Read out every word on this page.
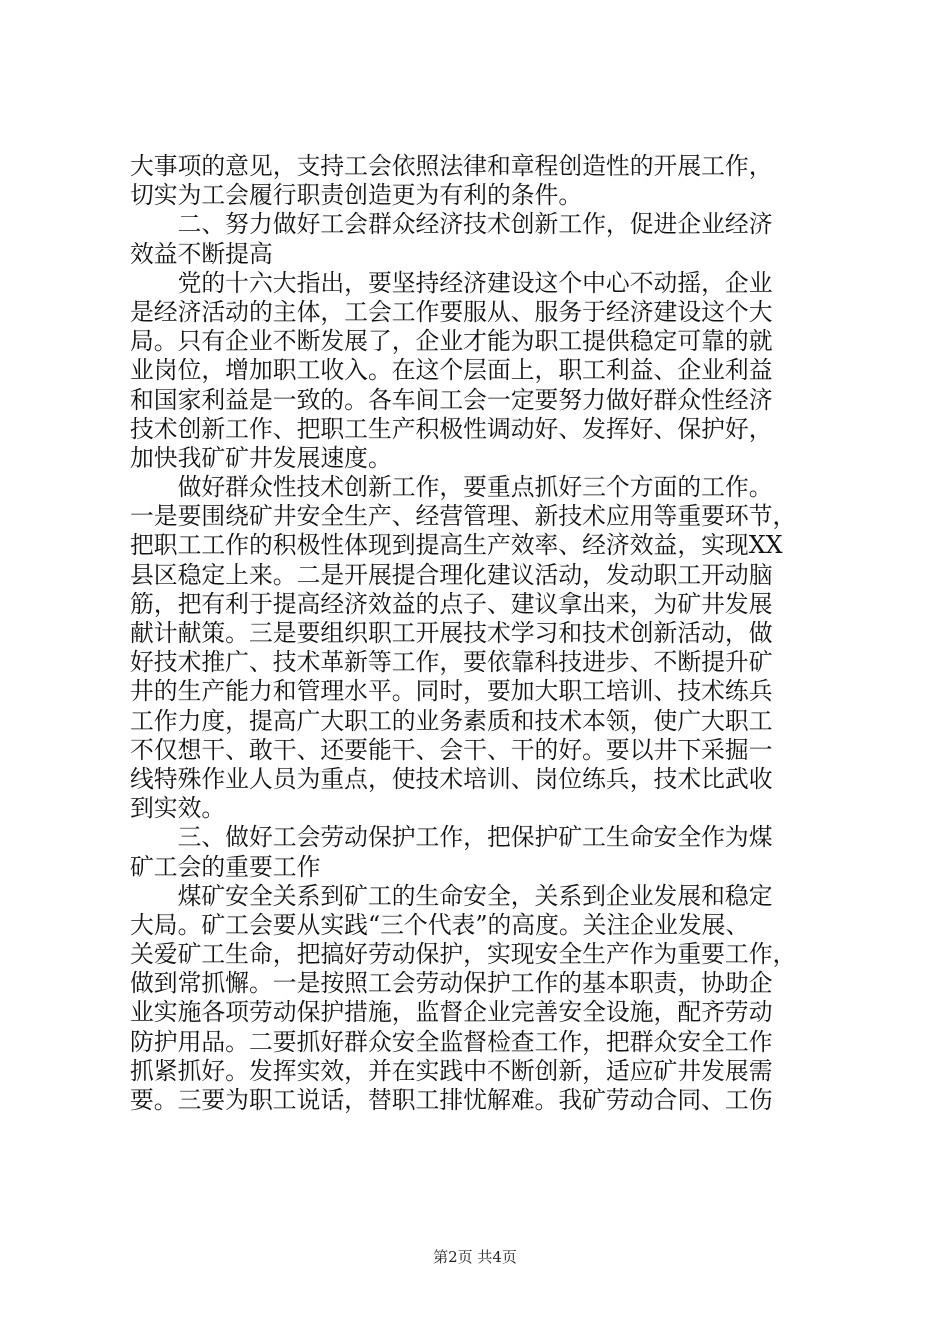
大事项的意见，支持工会依照法律和章程创造性的开展工作，
切实为工会履行职责创造更为有利的条件。
　　二、努力做好工会群众经济技术创新工作，促进企业经济
效益不断提高
　　党的十六大指出，要坚持经济建设这个中心不动摇，企业
是经济活动的主体，工会工作要服从、服务于经济建设这个大
局。只有企业不断发展了，企业才能为职工提供稳定可靠的就
业岗位，增加职工收入。在这个层面上，职工利益、企业利益
和国家利益是一致的。各车间工会一定要努力做好群众性经济
技术创新工作、把职工生产积极性调动好、发挥好、保护好，
加快我矿矿井发展速度。
　　做好群众性技术创新工作，要重点抓好三个方面的工作。
一是要围绕矿井安全生产、经营管理、新技术应用等重要环节，
把职工工作的积极性体现到提高生产效率、经济效益，实现XX
县区稳定上来。二是开展提合理化建议活动，发动职工开动脑
筋，把有利于提高经济效益的点子、建议拿出来，为矿井发展
献计献策。三是要组织职工开展技术学习和技术创新活动，做
好技术推广、技术革新等工作，要依靠科技进步、不断提升矿
井的生产能力和管理水平。同时，要加大职工培训、技术练兵
工作力度，提高广大职工的业务素质和技术本领，使广大职工
不仅想干、敢干、还要能干、会干、干的好。要以井下采掘一
线特殊作业人员为重点，使技术培训、岗位练兵，技术比武收
到实效。
　　三、做好工会劳动保护工作，把保护矿工生命安全作为煤
矿工会的重要工作
　　煤矿安全关系到矿工的生命安全，关系到企业发展和稳定
大局。矿工会要从实践“三个代表”的高度。关注企业发展、
关爱矿工生命，把搞好劳动保护，实现安全生产作为重要工作，
做到常抓懈。一是按照工会劳动保护工作的基本职责，协助企
业实施各项劳动保护措施，监督企业完善安全设施，配齐劳动
防护用品。二要抓好群众安全监督检查工作，把群众安全工作
抓紧抓好。发挥实效，并在实践中不断创新，适应矿井发展需
要。三要为职工说话，替职工排忧解难。我矿劳动合同、工伤
第2页 共4页
